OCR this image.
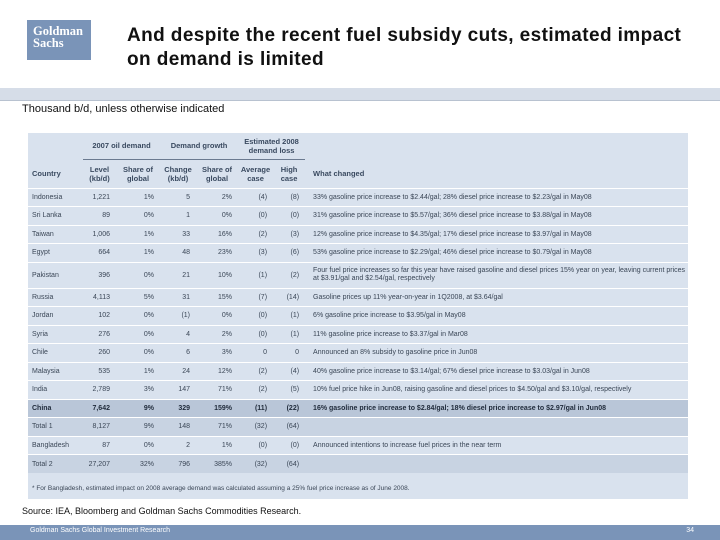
Goldman
Sachs	And despite the recent fuel subsidy cuts, estimated impact on demand is limited
Thousand b/d, unless otherwise indicated
	2007 oil demand		Demand growth		Estimated 2008 demand loss		
Country	Level (kb/d)	Share of global	Change (kb/d)	Share of global	Average case	High case	What changed
Indonesia	1,221	1%	5	2%	(4)	(8)	33% gasoline price increase to $2.44/gal; 28% diesel price increase to $2.23/gal in May08
Sri Lanka	89	0%	1	0%	(0)	(0)	31% gasoline price increase to $5.57/gal; 36% diesel price increase to $3.88/gal in May08
Taiwan	1,006	1%	33	16%	(2)	(3)	12% gasoline price increase to $4.35/gal; 17% diesel price increase to $3.97/gal in May08
Egypt	664	1%	48	23%	(3)	(6)	53% gasoline price increase to $2.29/gal; 46% diesel price increase to $0.79/gal in May08
Pakistan	396	0%	21	10%	(1)	(2)	Four fuel price increases so far this year have raised gasoline and diesel prices 15% year on year, leaving current prices at $3.91/gal and $2.54/gal, respectively
Russia	4,113	5%	31	15%	(7)	(14)	Gasoline prices up 11% year-on-year in 1Q2008, at $3.64/gal
Jordan	102	0%	(1)	0%	(0)	(1)	6% gasoline price increase to $3.95/gal in May08
Syria	276	0%	4	2%	(0)	(1)	11% gasoline price increase to $3.37/gal in Mar08
Chile	260	0%	6	3%	0	0	Announced an 8% subsidy to gasoline price in Jun08
Malaysia	535	1%	24	12%	(2)	(4)	40% gasoline price increase to $3.14/gal; 67% diesel price increase to $3.03/gal in Jun08
India	2,789	3%	147	71%	(2)	(5)	10% fuel price hike in Jun08, raising gasoline and diesel prices to $4.50/gal and $3.10/gal, respectively
China	7,642	9%	329	159%	(11)	(22)	16% gasoline price increase to $2.84/gal; 18% diesel price increase to $2.97/gal in Jun08
Total 1	8,127	9%	148	71%	(32)	(64)	
Bangladesh	87	0%	2	1%	(0)	(0)	Announced intentions to increase fuel prices in the near term
Total 2	27,207	32%	796	385%	(32)	(64)	
* For Bangladesh, estimated impact on 2008 average demand was calculated assuming a 25% fuel price increase as of June 2008.
Source: IEA, Bloomberg and Goldman Sachs Commodities Research.
Goldman Sachs Global Investment Research	34
